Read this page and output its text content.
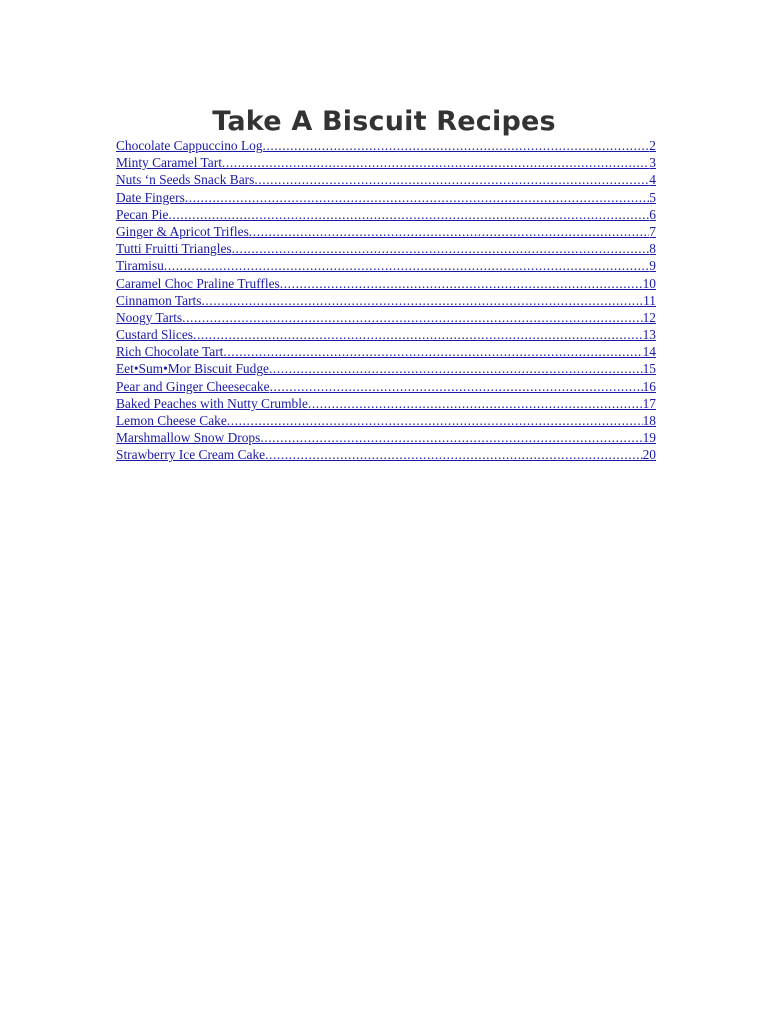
Take A Biscuit Recipes
Chocolate Cappuccino Log .....	2
Minty Caramel Tart .....	3
Nuts ‘n Seeds Snack Bars .....	4
Date Fingers .....	5
Pecan Pie .....	6
Ginger & Apricot Trifles .....	7
Tutti Fruitti Triangles .....	8
Tiramisu .....	9
Caramel Choc Praline Truffles .....	10
Cinnamon Tarts .....	11
Noogy Tarts .....	12
Custard Slices .....	13
Rich Chocolate Tart .....	14
Eet•Sum•Mor Biscuit Fudge .....	15
Pear and Ginger Cheesecake .....	16
Baked Peaches with Nutty Crumble .....	17
Lemon Cheese Cake .....	18
Marshmallow Snow Drops .....	19
Strawberry Ice Cream Cake .....	20
